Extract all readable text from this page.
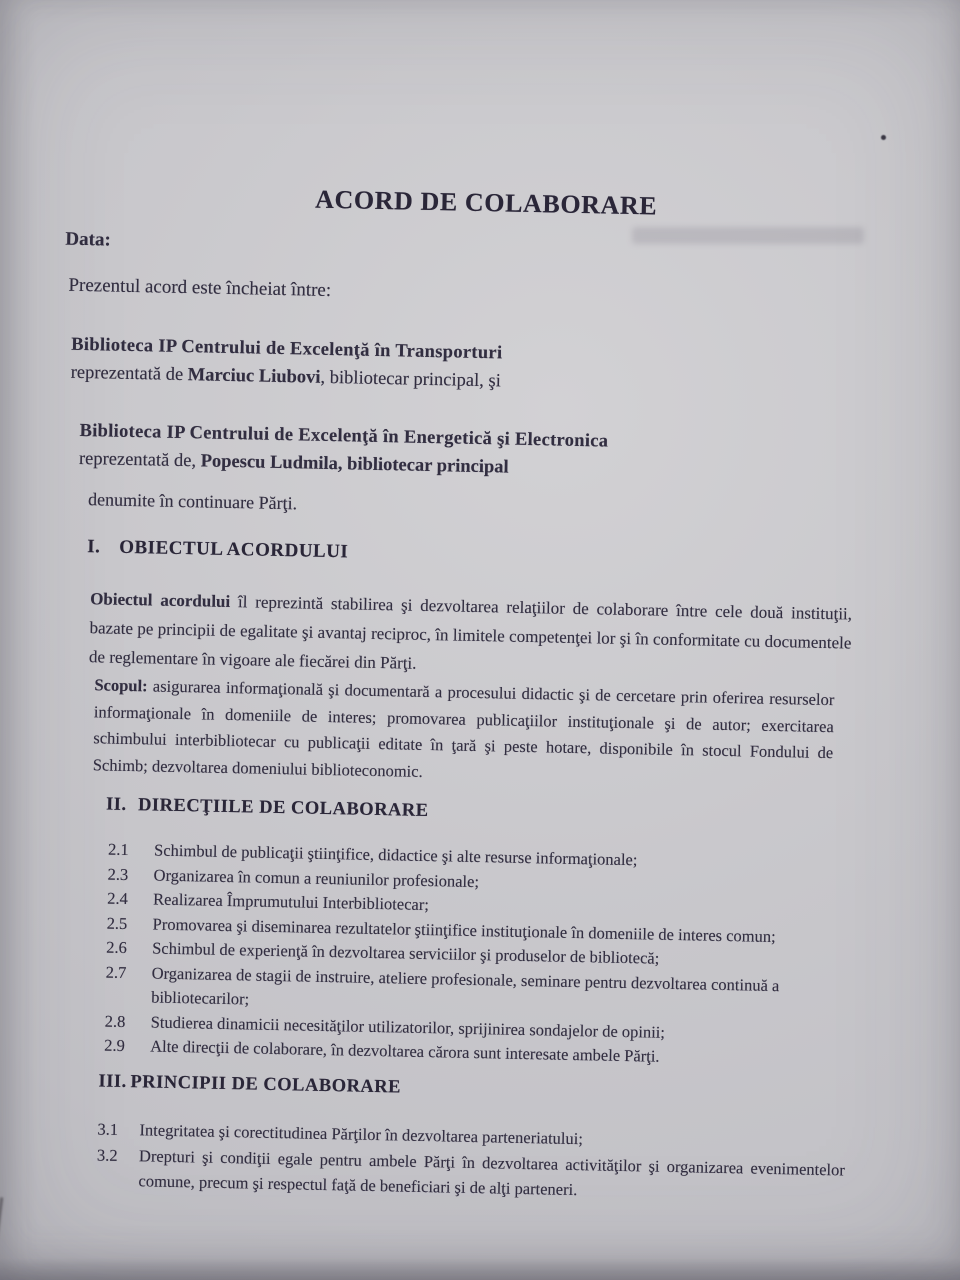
ACORD DE COLABORARE
Data:
Prezentul acord este încheiat între:
Biblioteca IP Centrului de Excelenţă în Transporturi
reprezentată de Marciuc Liubovi, bibliotecar principal, şi
Biblioteca IP Centrului de Excelenţă în Energetică şi Electronica
reprezentată de, Popescu Ludmila, bibliotecar principal
denumite în continuare Părţi.
I. OBIECTUL ACORDULUI
Obiectul acordului îl reprezintă stabilirea şi dezvoltarea relaţiilor de colaborare între cele două instituţii, bazate pe principii de egalitate şi avantaj reciproc, în limitele competenţei lor şi în conformitate cu documentele de reglementare în vigoare ale fiecărei din Părţi.
Scopul: asigurarea informaţională şi documentară a procesului didactic şi de cercetare prin oferirea resurselor informaţionale în domeniile de interes; promovarea publicaţiilor instituţionale şi de autor; exercitarea schimbului interbibliotecar cu publicaţii editate în ţară şi peste hotare, disponibile în stocul Fondului de Schimb; dezvoltarea domeniului biblioteconomic.
II. DIRECŢIILE DE COLABORARE
2.1	Schimbul de publicaţii ştiinţifice, didactice şi alte resurse informaţionale;
2.3	Organizarea în comun a reuniunilor profesionale;
2.4	Realizarea Împrumutului Interbibliotecar;
2.5	Promovarea şi diseminarea rezultatelor ştiinţifice instituţionale în domeniile de interes comun;
2.6	Schimbul de experienţă în dezvoltarea serviciilor şi produselor de bibliotecă;
2.7	Organizarea de stagii de instruire, ateliere profesionale, seminare pentru dezvoltarea continuă a bibliotecarilor;
2.8	Studierea dinamicii necesităţilor utilizatorilor, sprijinirea sondajelor de opinii;
2.9	Alte direcţii de colaborare, în dezvoltarea cărora sunt interesate ambele Părţi.
III. PRINCIPII DE COLABORARE
3.1	Integritatea şi corectitudinea Părţilor în dezvoltarea parteneriatului;
3.2	Drepturi şi condiţii egale pentru ambele Părţi în dezvoltarea activităţilor şi organizarea evenimentelor comune, precum şi respectul faţă de beneficiari şi de alţi parteneri.
